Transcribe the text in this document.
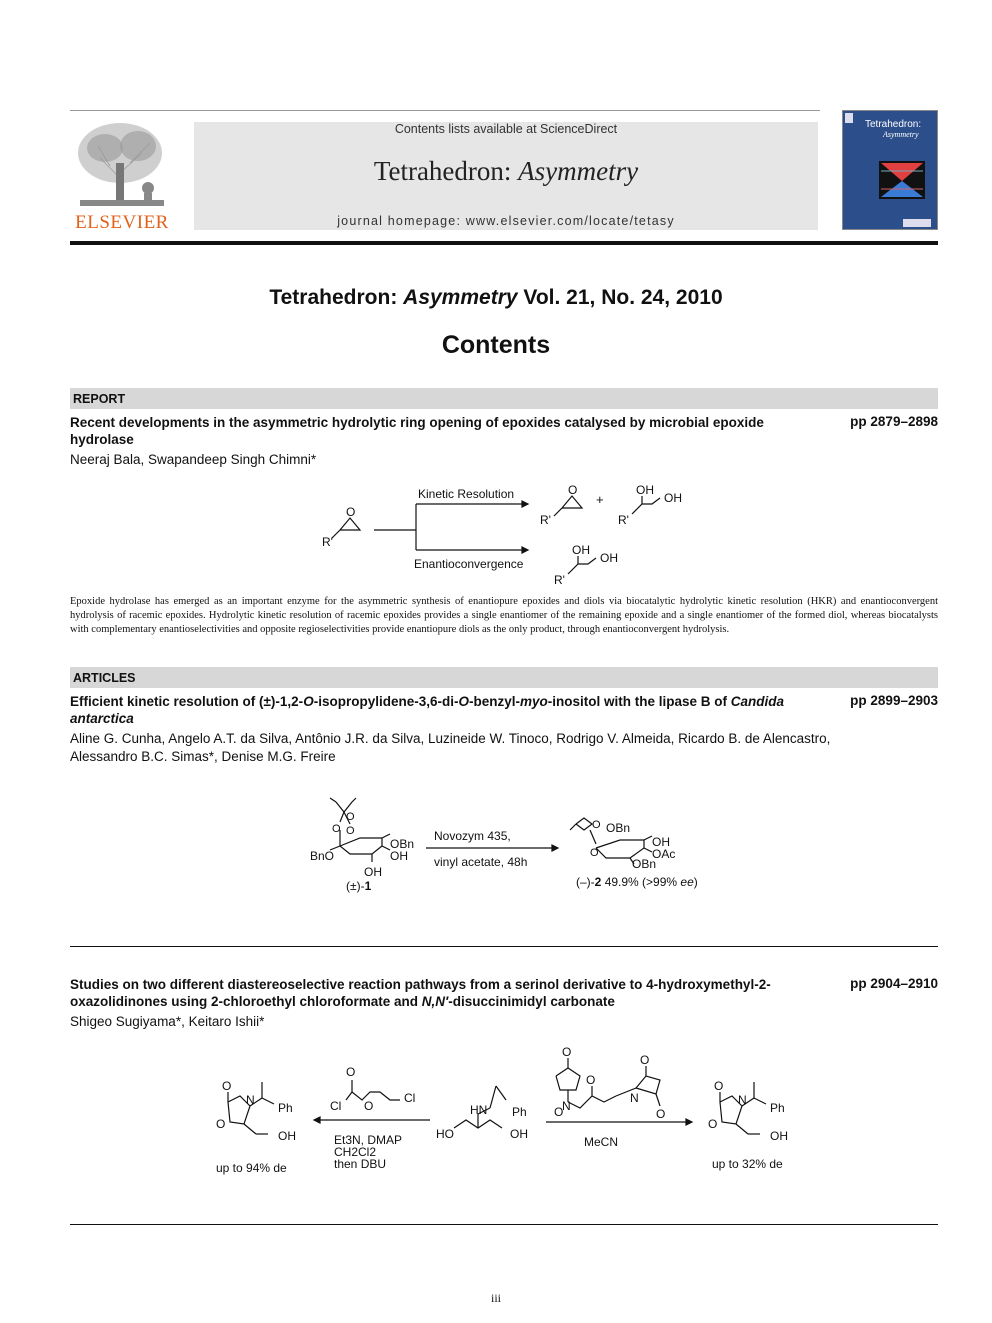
ELSEVIER
Contents lists available at ScienceDirect
Tetrahedron: Asymmetry
journal homepage: www.elsevier.com/locate/tetasy
Tetrahedron:
Asymmetry
Tetrahedron: Asymmetry Vol. 21, No. 24, 2010
Contents
REPORT
Recent developments in the asymmetric hydrolytic ring opening of epoxides catalysed by microbial epoxide hydrolase
pp 2879–2898
Neeraj Bala, Swapandeep Singh Chimni*
O
R'
Kinetic Resolution
Enantioconvergence
O
R'
+
OH
OH
R'
OH
OH
R'
Epoxide hydrolase has emerged as an important enzyme for the asymmetric synthesis of enantiopure epoxides and diols via biocatalytic hydrolytic kinetic resolution (HKR) and enantioconvergent hydrolysis of racemic epoxides. Hydrolytic kinetic resolution of racemic epoxides provides a single enantiomer of the remaining epoxide and a single enantiomer of the formed diol, whereas biocatalysts with complementary enantioselectivities and opposite regioselectivities provide enantiopure diols as the only product, through enantioconvergent hydrolysis.
ARTICLES
Efficient kinetic resolution of (±)-1,2-O-isopropylidene-3,6-di-O-benzyl-myo-inositol with the lipase B of Candida antarctica
pp 2899–2903
Aline G. Cunha, Angelo A.T. da Silva, Antônio J.R. da Silva, Luzineide W. Tinoco, Rodrigo V. Almeida, Ricardo B. de Alencastro, Alessandro B.C. Simas*, Denise M.G. Freire
O
O O
OBn
OH
BnO
OH
(±)-1
Novozym 435,
vinyl acetate, 48h
O OBn
O
OH
OAc
OBn
(–)-2 49.9% (>99% ee)
Studies on two different diastereoselective reaction pathways from a serinol derivative to 4-hydroxymethyl-2-oxazolidinones using 2-chloroethyl chloroformate and N,N′-disuccinimidyl carbonate
pp 2904–2910
Shigeo Sugiyama*, Keitaro Ishii*
O
N
Ph
O
OH
up to 94% de
O
Cl O
Cl
Et3N, DMAP
CH2Cl2
then DBU
HN Ph
HO	OH
O
N
O
O
O
N
O
MeCN
O
N
Ph
O
OH
up to 32% de
iii
